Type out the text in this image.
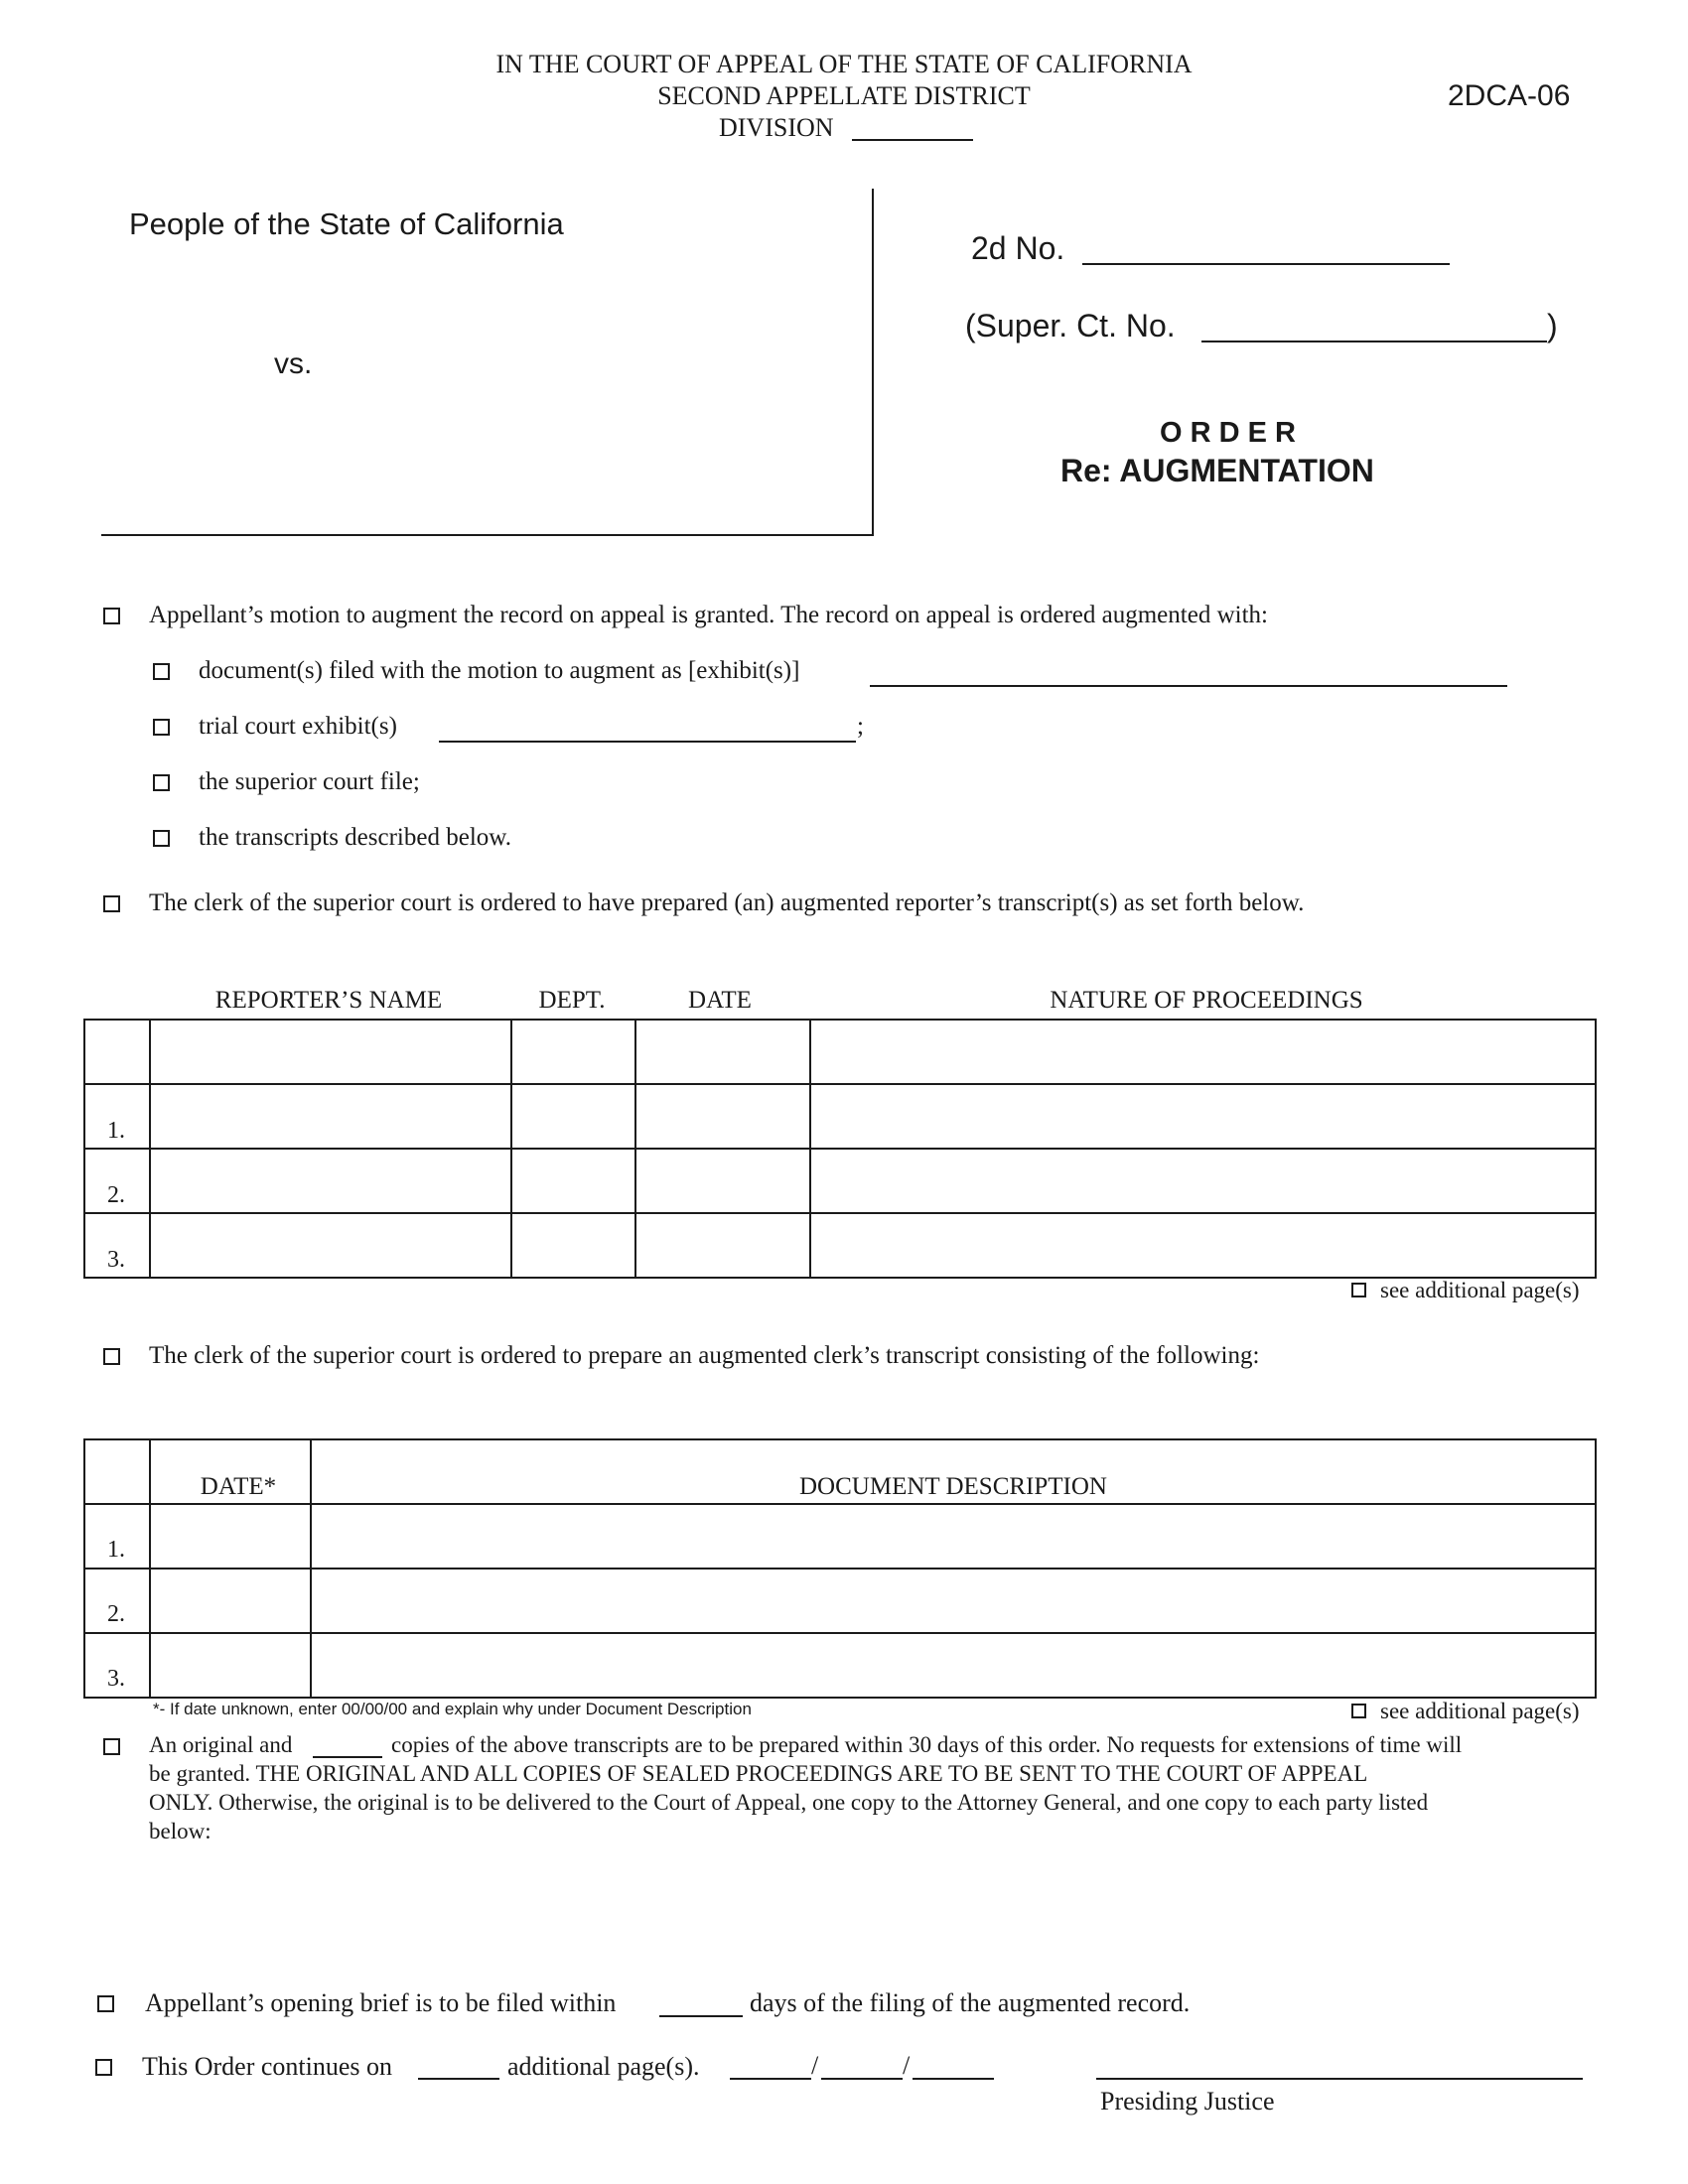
IN THE COURT OF APPEAL OF THE STATE OF CALIFORNIA
SECOND APPELLATE DISTRICT
DIVISION
2DCA-06
People of the State of California
vs.
2d No.
(Super. Ct. No.	)
O R D E R
Re: AUGMENTATION
Appellant’s motion to augment the record on appeal is granted. The record on appeal is ordered augmented with:
document(s) filed with the motion to augment as [exhibit(s)]
trial court exhibit(s)	;
the superior court file;
the transcripts described below.
The clerk of the superior court is ordered to have prepared (an) augmented reporter’s transcript(s) as set forth below.
REPORTER’S NAME	DEPT.	DATE	NATURE OF PROCEEDINGS
1.
2.
3.
see additional page(s)
The clerk of the superior court is ordered to prepare an augmented clerk’s transcript consisting of the following:
DATE*	DOCUMENT DESCRIPTION
1.
2.
3.
*- If date unknown, enter 00/00/00 and explain why under Document Description	see additional page(s)
An original and	copies of the above transcripts are to be prepared within 30 days of this order. No requests for extensions of time will
be granted. THE ORIGINAL AND ALL COPIES OF SEALED PROCEEDINGS ARE TO BE SENT TO THE COURT OF APPEAL
ONLY. Otherwise, the original is to be delivered to the Court of Appeal, one copy to the Attorney General, and one copy to each party listed
below:
Appellant’s opening brief is to be filed within	days of the filing of the augmented record.
This Order continues on	additional page(s).	/	/
Presiding Justice
